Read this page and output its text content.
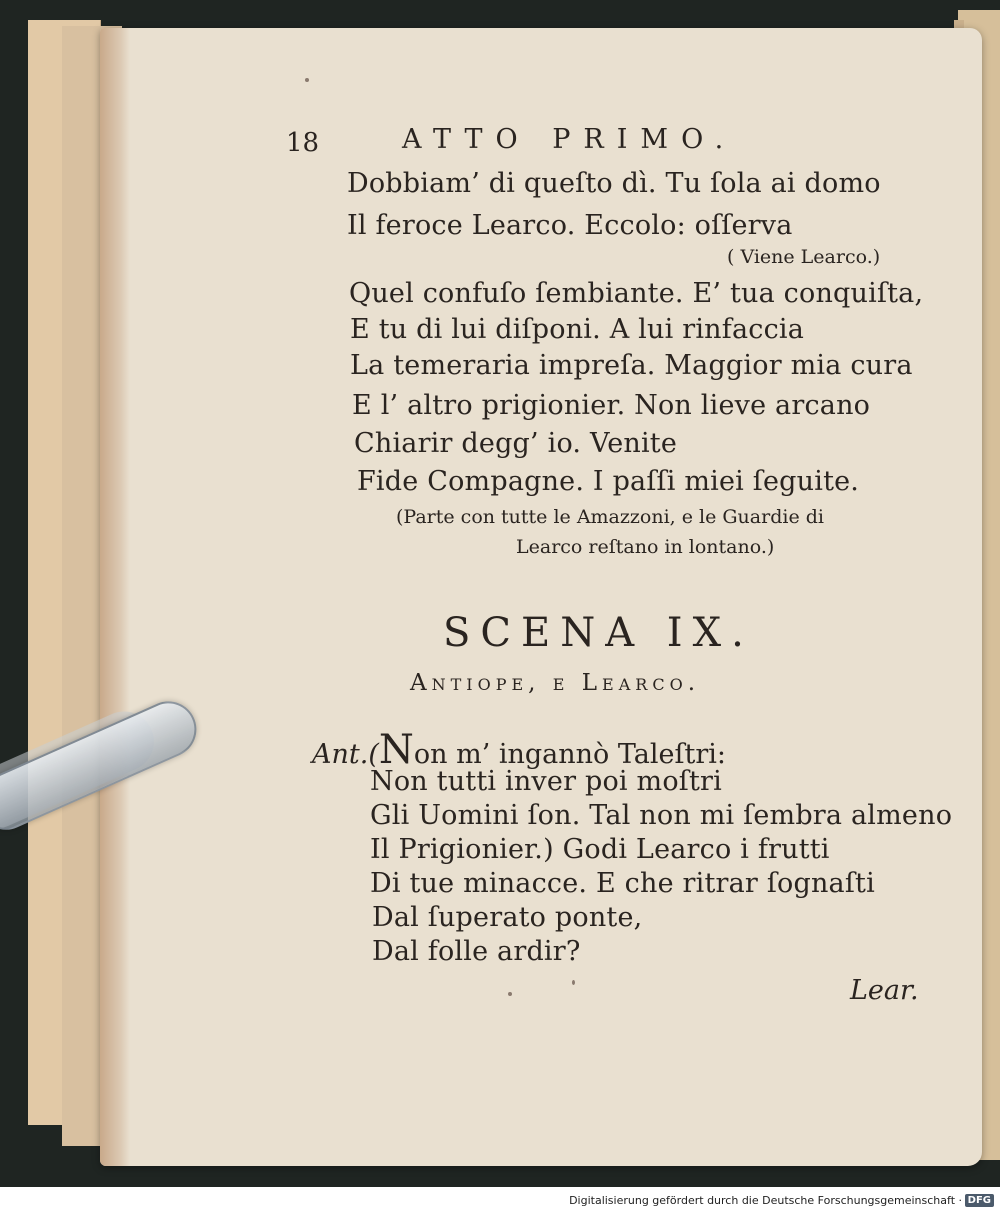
18	ATTO PRIMO.
Dobbiam’ di queſto dì. Tu ſola ai domo
Il feroce Learco. Eccolo: oſſerva
( Viene Learco.)
Quel confuſo ſembiante. E’ tua conquiſta,
E tu di lui diſponi. A lui rinfaccia
La temeraria impreſa. Maggior mia cura
E l’ altro prigionier. Non lieve arcano
Chiarir degg’ io. Venite
Fide Compagne. I paſſi miei ſeguite.
(Parte con tutte le Amazzoni, e le Guardie di
Learco reſtano in lontano.)
SCENA IX.
Antiope, e Learco.
Ant.(Non m’ ingannò Taleſtri:
Non tutti inver poi moſtri
Gli Uomini ſon. Tal non mi ſembra almeno
Il Prigionier.) Godi Learco i frutti
Di tue minacce. E che ritrar ſognaſti
Dal ſuperato ponte,
Dal folle ardir?
Lear.
Digitalisierung gefördert durch die Deutsche Forschungsgemeinschaft · DFG
